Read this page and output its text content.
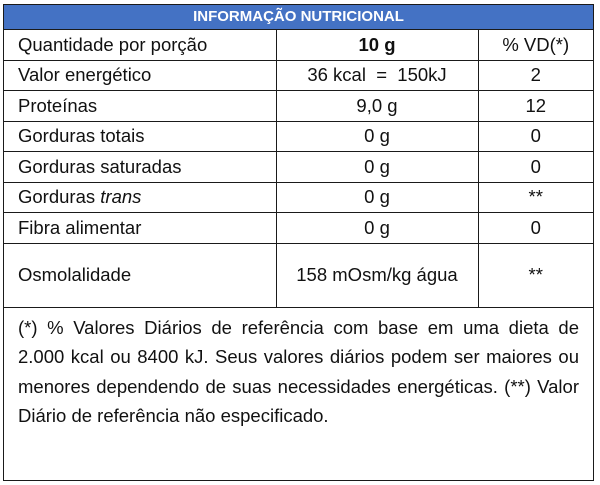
INFORMAÇÃO NUTRICIONAL
Quantidade por porção	10 g	% VD(*)
Valor energético	36 kcal  =  150kJ	2
Proteínas	9,0 g	12
Gorduras totais	0 g	0
Gorduras saturadas	0 g	0
Gorduras trans	0 g	**
Fibra alimentar	0 g	0
Osmolalidade	158 mOsm/kg água	**
(*) % Valores Diários de referência com base em uma dieta de 2.000 kcal ou 8400 kJ. Seus valores diários podem ser maiores ou menores dependendo de suas necessidades energéticas. (**) Valor Diário de referência não especificado.
